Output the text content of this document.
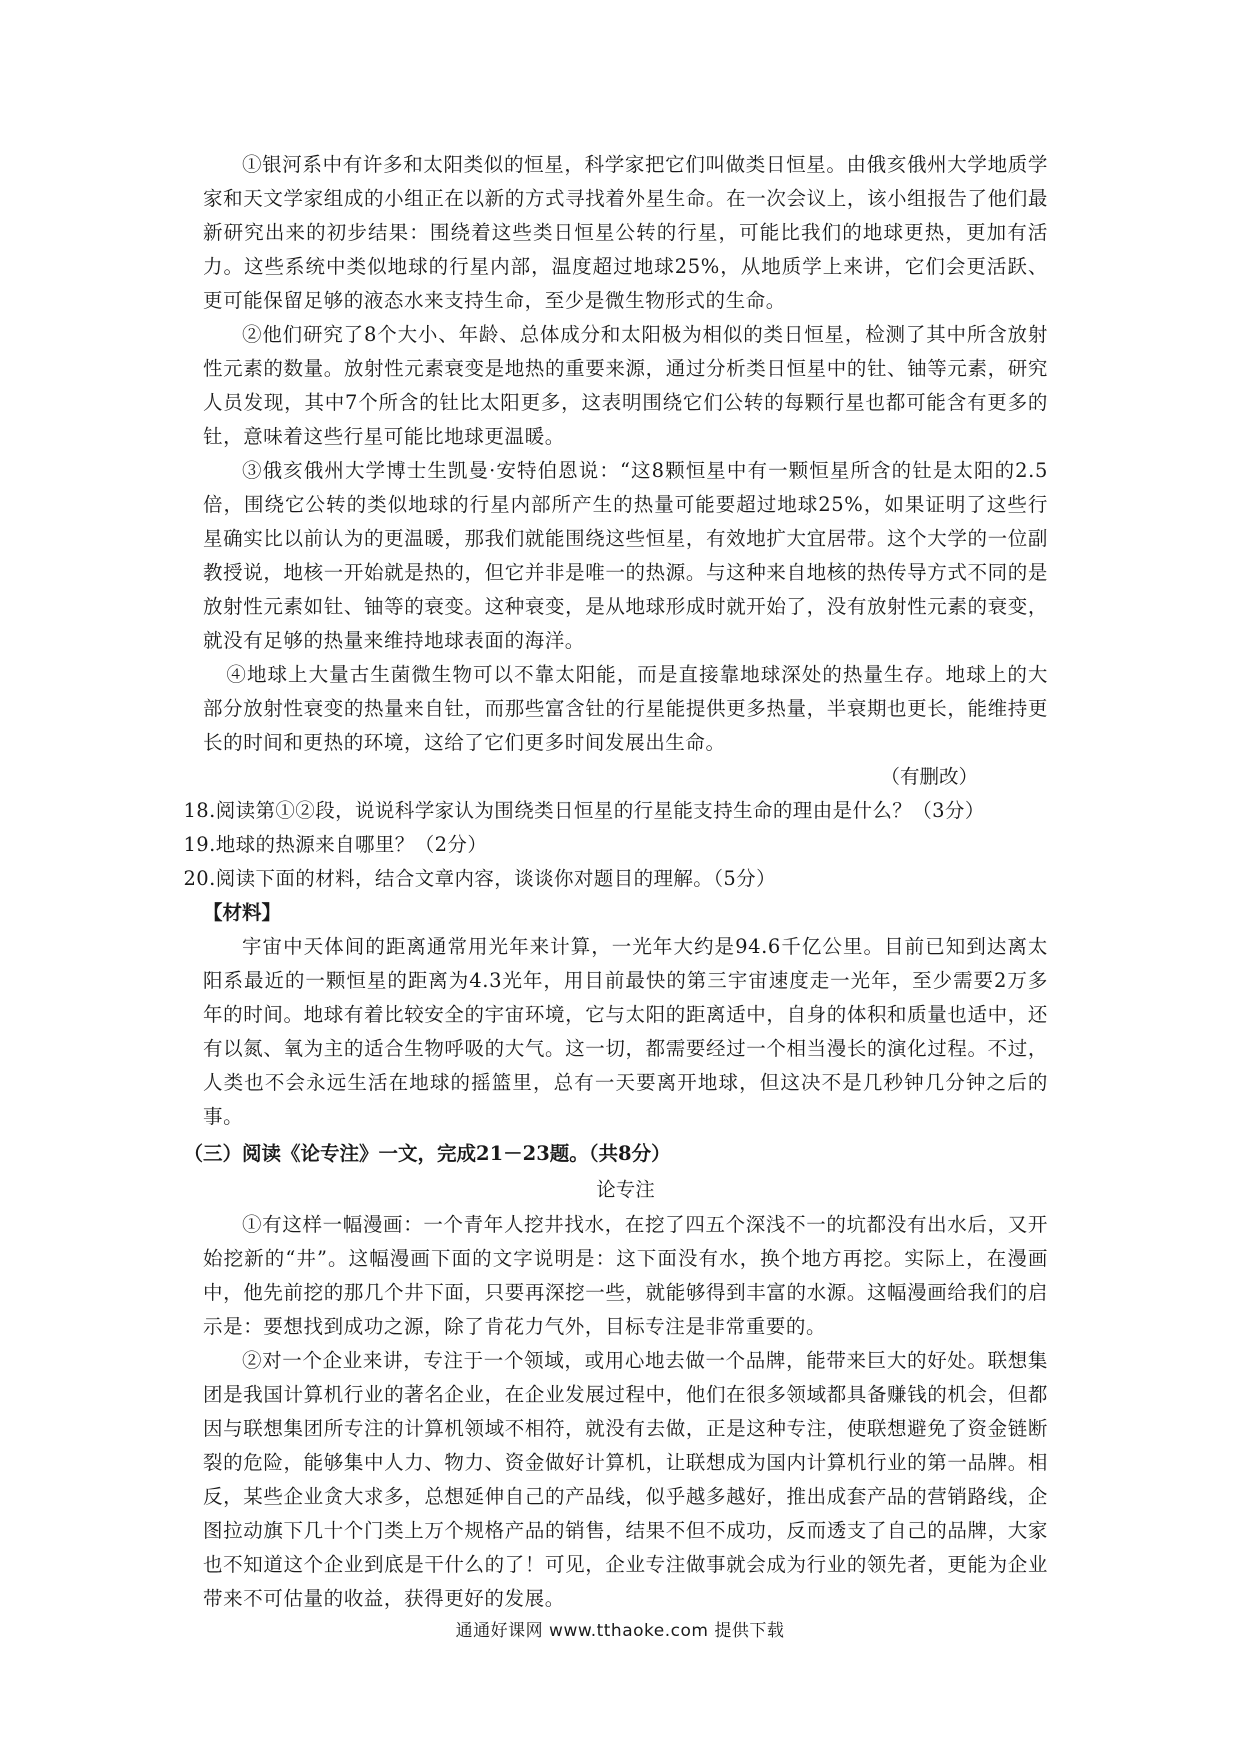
①银河系中有许多和太阳类似的恒星，科学家把它们叫做类日恒星。由俄亥俄州大学地质学家和天文学家组成的小组正在以新的方式寻找着外星生命。在一次会议上，该小组报告了他们最新研究出来的初步结果：围绕着这些类日恒星公转的行星，可能比我们的地球更热，更加有活力。这些系统中类似地球的行星内部，温度超过地球25%，从地质学上来讲，它们会更活跃、更可能保留足够的液态水来支持生命，至少是微生物形式的生命。

②他们研究了8个大小、年龄、总体成分和太阳极为相似的类日恒星，检测了其中所含放射性元素的数量。放射性元素衰变是地热的重要来源，通过分析类日恒星中的钍、铀等元素，研究人员发现，其中7个所含的钍比太阳更多，这表明围绕它们公转的每颗行星也都可能含有更多的钍，意味着这些行星可能比地球更温暖。

③俄亥俄州大学博士生凯曼·安特伯恩说：“这8颗恒星中有一颗恒星所含的钍是太阳的2.5倍，围绕它公转的类似地球的行星内部所产生的热量可能要超过地球25%，如果证明了这些行星确实比以前认为的更温暖，那我们就能围绕这些恒星，有效地扩大宜居带。这个大学的一位副教授说，地核一开始就是热的，但它并非是唯一的热源。与这种来自地核的热传导方式不同的是放射性元素如钍、铀等的衰变。这种衰变，是从地球形成时就开始了，没有放射性元素的衰变，就没有足够的热量来维持地球表面的海洋。

④地球上大量古生菌微生物可以不靠太阳能，而是直接靠地球深处的热量生存。地球上的大部分放射性衰变的热量来自钍，而那些富含钍的行星能提供更多热量，半衰期也更长，能维持更长的时间和更热的环境，这给了它们更多时间发展出生命。

（有删改）

18.阅读第①②段，说说科学家认为围绕类日恒星的行星能支持生命的理由是什么？（3分）

19.地球的热源来自哪里？（2分）

20.阅读下面的材料，结合文章内容，谈谈你对题目的理解。（5分）

【材料】

宇宙中天体间的距离通常用光年来计算，一光年大约是94.6千亿公里。目前已知到达离太阳系最近的一颗恒星的距离为4.3光年，用目前最快的第三宇宙速度走一光年，至少需要2万多年的时间。地球有着比较安全的宇宙环境，它与太阳的距离适中，自身的体积和质量也适中，还有以氮、氧为主的适合生物呼吸的大气。这一切，都需要经过一个相当漫长的演化过程。不过，人类也不会永远生活在地球的摇篮里，总有一天要离开地球，但这决不是几秒钟几分钟之后的事。

（三）阅读《论专注》一文，完成21－23题。（共8分）

论专注

①有这样一幅漫画：一个青年人挖井找水，在挖了四五个深浅不一的坑都没有出水后，又开始挖新的“井”。这幅漫画下面的文字说明是：这下面没有水，换个地方再挖。实际上，在漫画中，他先前挖的那几个井下面，只要再深挖一些，就能够得到丰富的水源。这幅漫画给我们的启示是：要想找到成功之源，除了肯花力气外，目标专注是非常重要的。

②对一个企业来讲，专注于一个领域，或用心地去做一个品牌，能带来巨大的好处。联想集团是我国计算机行业的著名企业，在企业发展过程中，他们在很多领域都具备赚钱的机会，但都因与联想集团所专注的计算机领域不相符，就没有去做，正是这种专注，使联想避免了资金链断裂的危险，能够集中人力、物力、资金做好计算机，让联想成为国内计算机行业的第一品牌。相反，某些企业贪大求多，总想延伸自己的产品线，似乎越多越好，推出成套产品的营销路线，企图拉动旗下几十个门类上万个规格产品的销售，结果不但不成功，反而透支了自己的品牌，大家也不知道这个企业到底是干什么的了！可见，企业专注做事就会成为行业的领先者，更能为企业带来不可估量的收益，获得更好的发展。

通通好课网 www.tthaoke.com 提供下载
